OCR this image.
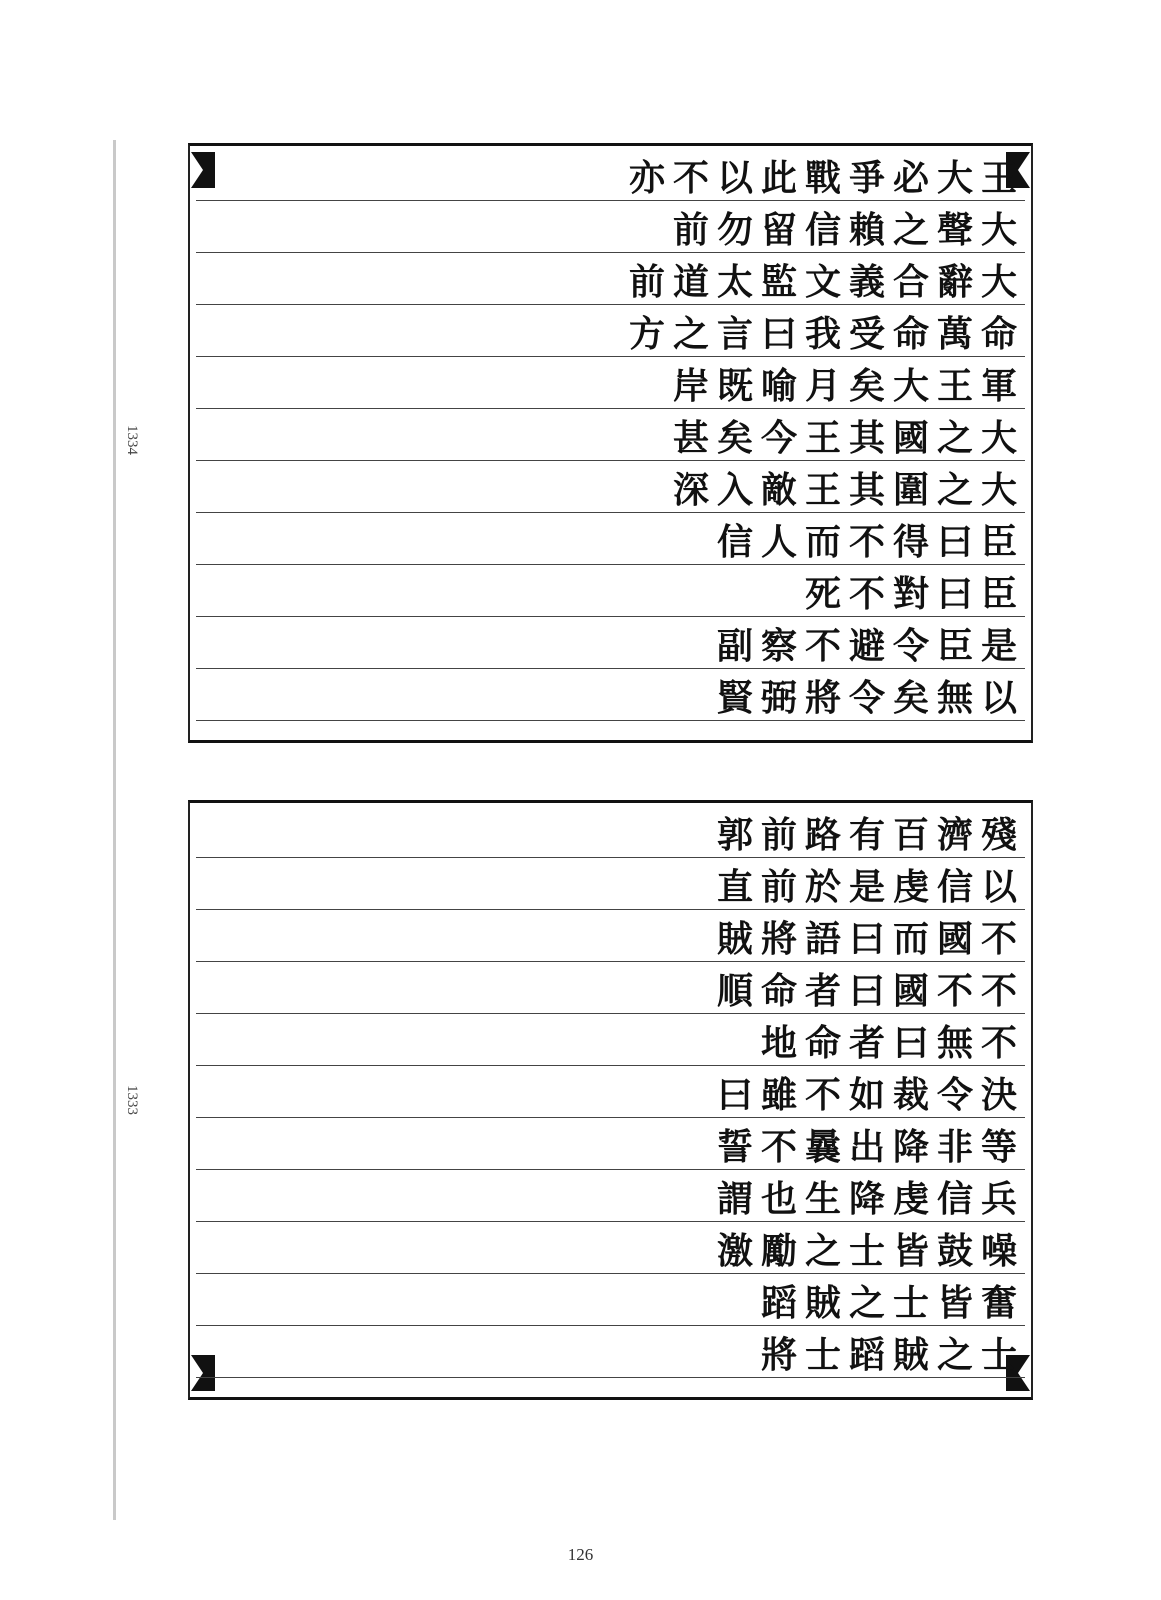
1334
1333
亦不以此戰爭必大王
前勿留信賴之聲大
前道太監文義合辭大
方之言曰我受命萬命
岸既喻月矣大王軍
甚矣今王其國之大
深入敵王其圍之大
信人而不得曰臣
死不對曰臣
副察不避令臣是
賢弼將令矣無以
郭前路有百濟殘
直前於是虔信以
賊將語曰而國不
順命者曰國不不
地命者曰無不
曰雖不如裁令決
誓不曩出降非等
謂也生降虔信兵
激勵之士皆鼓噪
蹈賊之士皆奮
將士蹈賊之士
126
